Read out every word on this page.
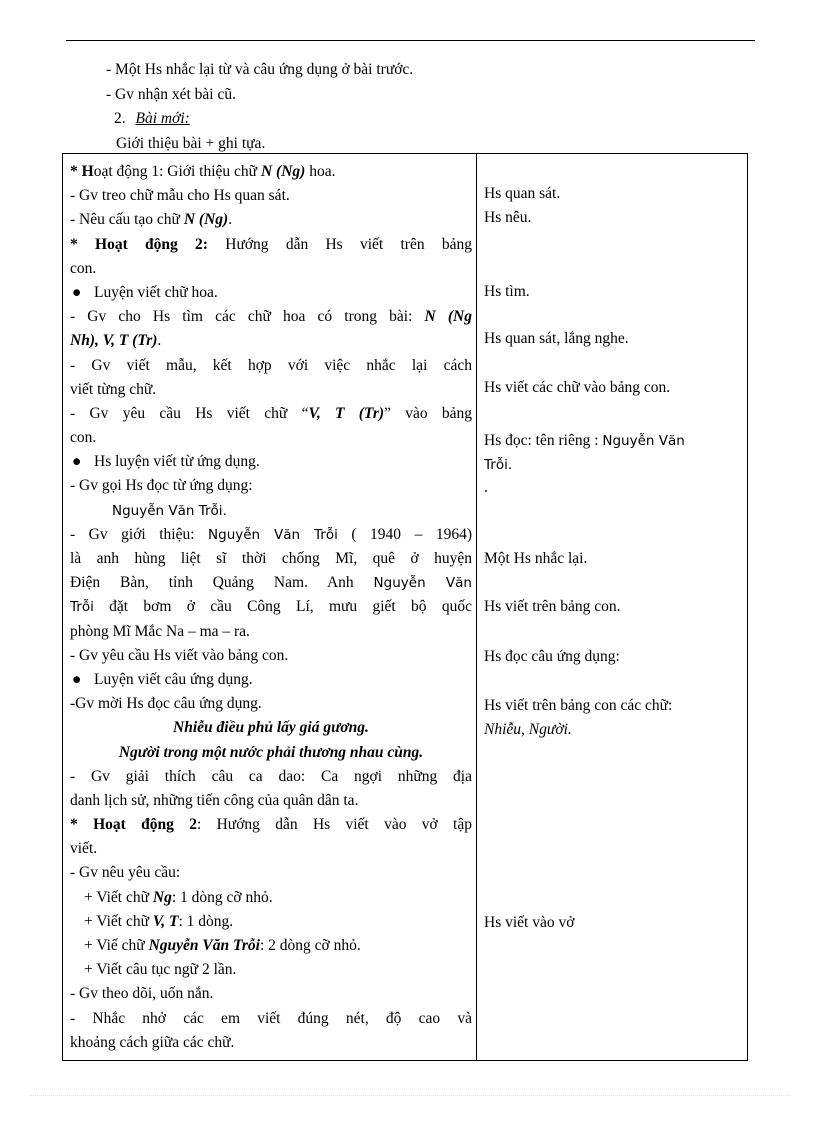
- Một Hs nhắc lại từ và câu ứng dụng ở bài trước.
- Gv nhận xét bài cũ.
2. Bài mới:
Giới thiệu bài + ghi tựa.
* Hoạt động 1: Giới thiệu chữ N (Ng) hoa.
- Gv treo chữ mẫu cho Hs quan sát.
- Nêu cấu tạo chữ N (Ng).
* Hoạt động 2: Hướng dẫn Hs viết trên bảng
con.
● Luyện viết chữ hoa.
- Gv cho Hs tìm các chữ hoa có trong bài: N (Ng
Nh), V, T (Tr).
- Gv viết mẫu, kết hợp với việc nhắc lại cách
viết từng chữ.
- Gv yêu cầu Hs viết chữ “V, T (Tr)” vào bảng
con.
● Hs luyện viết từ ứng dụng.
- Gv gọi Hs đọc từ ứng dụng:
Nguyễn Văn Trỗi.
- Gv giới thiệu: Nguyễn Văn Trỗi ( 1940 – 1964)
là anh hùng liệt sĩ thời chống Mĩ, quê ở huyện
Điện Bàn, tỉnh Quảng Nam. Anh Nguyễn Văn
Trỗi đặt bơm ở cầu Công Lí, mưu giết bộ quốc
phòng Mĩ Mắc Na – ma – ra.
- Gv yêu cầu Hs viết vào bảng con.
● Luyện viết câu ứng dụng.
-Gv mời Hs đọc câu ứng dụng.
Nhiễu điều phủ lấy giá gương.
Người trong một nước phải thương nhau cùng.
- Gv giải thích câu ca dao: Ca ngợi những địa
danh lịch sử, những tiến công của quân dân ta.
* Hoạt động 2: Hướng dẫn Hs viết vào vở tập
viết.
- Gv nêu yêu cầu:
+ Viết chữ Ng: 1 dòng cỡ nhỏ.
+ Viết chữ V, T: 1 dòng.
+ Viế chữ Nguyễn Văn Trỗi: 2 dòng cỡ nhỏ.
+ Viết câu tục ngữ 2 lần.
- Gv theo dõi, uốn nắn.
- Nhắc nhở các em viết đúng nét, độ cao và
khoảng cách giữa các chữ.
Hs quan sát.
Hs nêu.
Hs tìm.
Hs quan sát, lắng nghe.
Hs viết các chữ vào bảng con.
Hs đọc: tên riêng : Nguyễn Văn
Trỗi.
.
Một Hs nhắc lại.
Hs viết trên bảng con.
Hs đọc câu ứng dụng:
Hs viết trên bảng con các chữ:
Nhiễu, Người.
Hs viết vào vở
